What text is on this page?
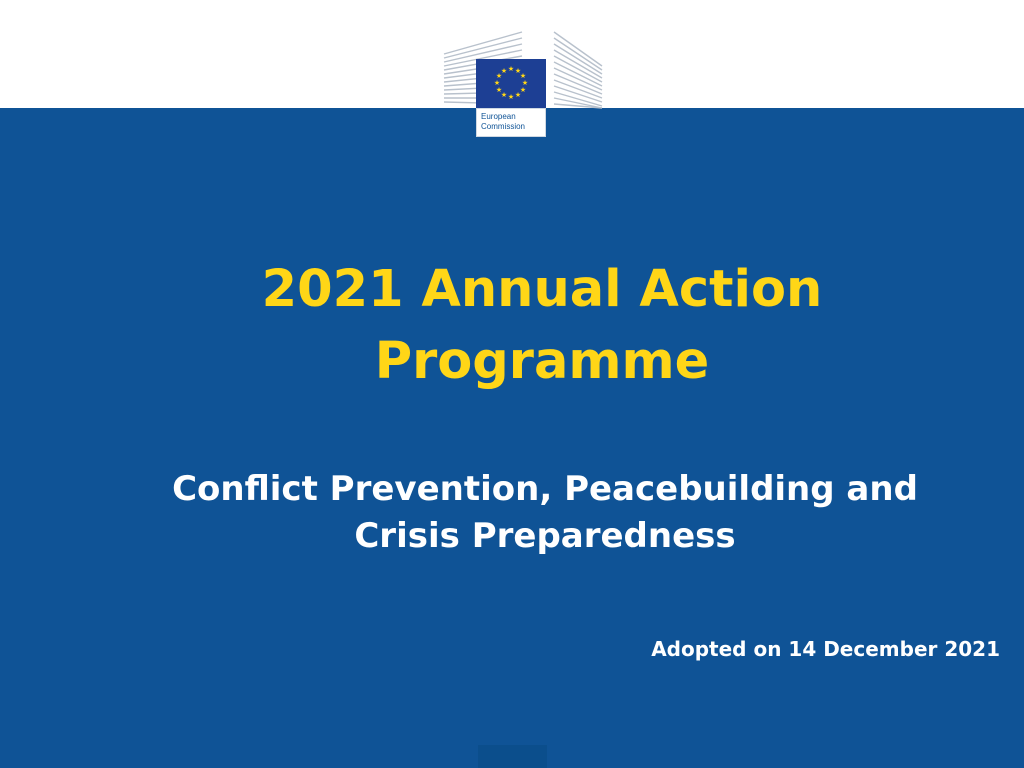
★ ★
★
★
★
★
★
★
★
★
★
★
European
Commission
2021 Annual Action
Programme
Conflict Prevention, Peacebuilding and
Crisis Preparedness
Adopted on 14 December 2021
